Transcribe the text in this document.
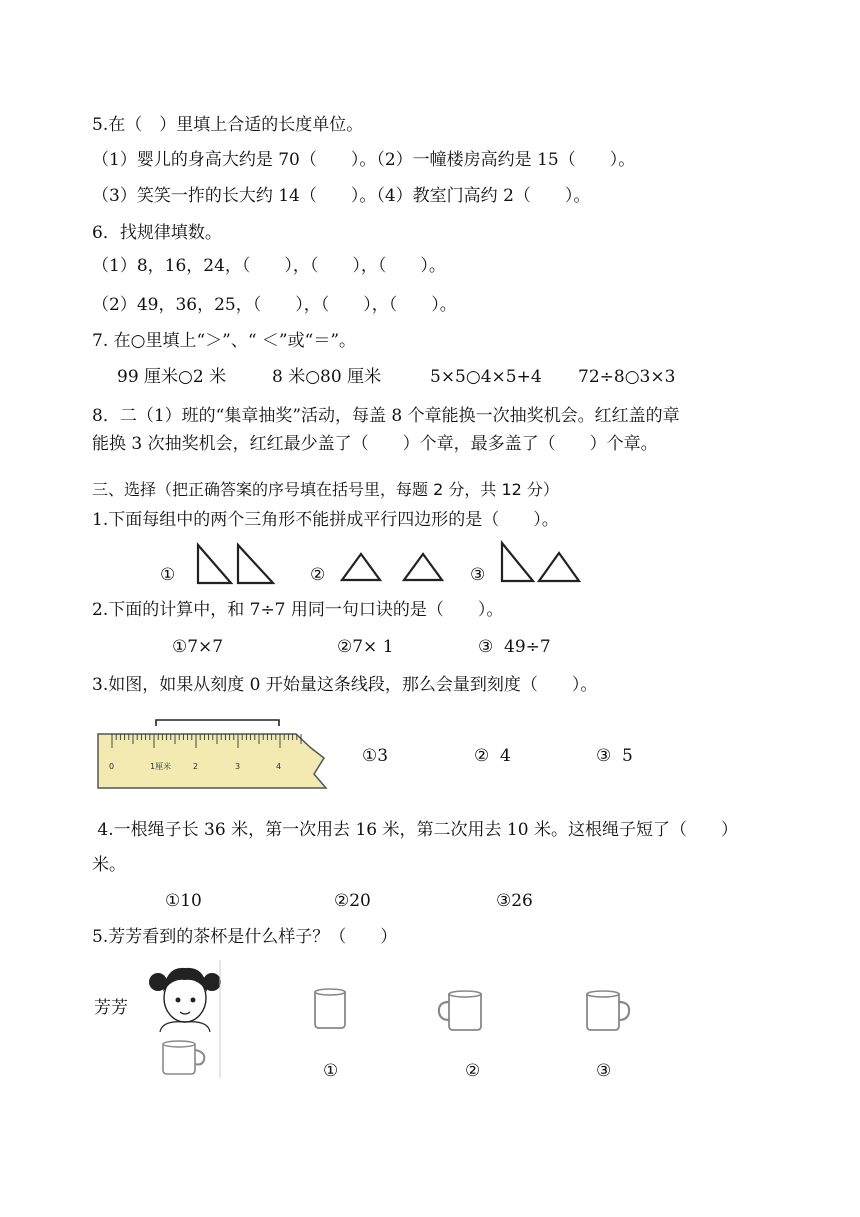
5.在（　）里填上合适的长度单位。
（1）婴儿的身高大约是 70（　　）。（2）一幢楼房高约是 15（　　）。
（3）笑笑一拃的长大约 14（　　）。（4）教室门高约 2（　　）。
6．找规律填数。
（1）8，16，24，（　　），（　　），（　　）。
（2）49，36，25，（　　），（　　），（　　）。
7. 在○里填上“＞”、“ ＜”或“＝”。
99 厘米○2 米	8 米○80 厘米	5×5○4×5+4 72÷8○3×3
8．二（1）班的“集章抽奖”活动，每盖 8 个章能换一次抽奖机会。红红盖的章
能换 3 次抽奖机会，红红最少盖了（　　）个章，最多盖了（　　）个章。
三、选择（把正确答案的序号填在括号里，每题 2 分，共 12 分）
1.下面每组中的两个三角形不能拼成平行四边形的是（　　）。
①	②	③
2.下面的计算中，和 7÷7 用同一句口诀的是（　　）。
①7×7	②7× 1	③  49÷7
3.如图，如果从刻度 0 开始量这条线段，那么会量到刻度（　　）。
0	1厘米	2	3	4
①3	②  4	③  5
4.一根绳子长 36 米，第一次用去 16 米，第二次用去 10 米。这根绳子短了（　　）
米。
①10	②20	③26
5.芳芳看到的茶杯是什么样子？（　　）
芳芳
①	②	③
